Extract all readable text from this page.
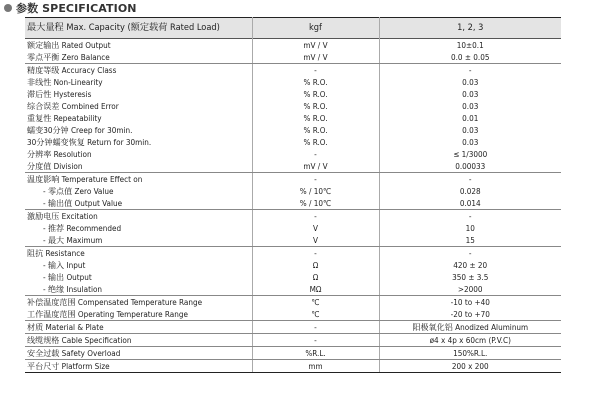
参数 SPECIFICATION
最大量程 Max. Capacity (额定载荷 Rated Load)	kgf	1, 2, 3
额定输出 Rated Output	mV / V	10±0.1
零点平衡 Zero Balance	mV / V	0.0 ± 0.05
精度等级 Accuracy Class	-	-
非线性 Non-Linearity	% R.O.	0.03
滞后性 Hysteresis	% R.O.	0.03
综合误差 Combined Error	% R.O.	0.03
重复性 Repeatability	% R.O.	0.01
蠕变30分钟 Creep for 30min.	% R.O.	0.03
30分钟蠕变恢复 Return for 30min.	% R.O.	0.03
分辨率 Resolution	-	≤ 1/3000
分度值 Division	mV / V	0.00033
温度影响 Temperature Effect on	-	-
- 零点值 Zero Value	% / 10℃	0.028
- 输出值 Output Value	% / 10℃	0.014
激励电压 Excitation	-	-
- 推荐 Recommended	V	10
- 最大 Maximum	V	15
阻抗 Resistance	-	-
- 输入 Input	Ω	420 ± 20
- 输出 Output	Ω	350 ± 3.5
- 绝缘 Insulation	MΩ	>2000
补偿温度范围 Compensated Temperature Range	℃	-10 to +40
工作温度范围 Operating Temperature Range	℃	-20 to +70
材质 Material & Plate	-	阳极氧化铝 Anodized Aluminum
线缆规格 Cable Specification	-	ø4 x 4p x 60cm (P.V.C)
安全过载 Safety Overload	%R.L.	150%R.L.
平台尺寸 Platform Size	mm	200 x 200
